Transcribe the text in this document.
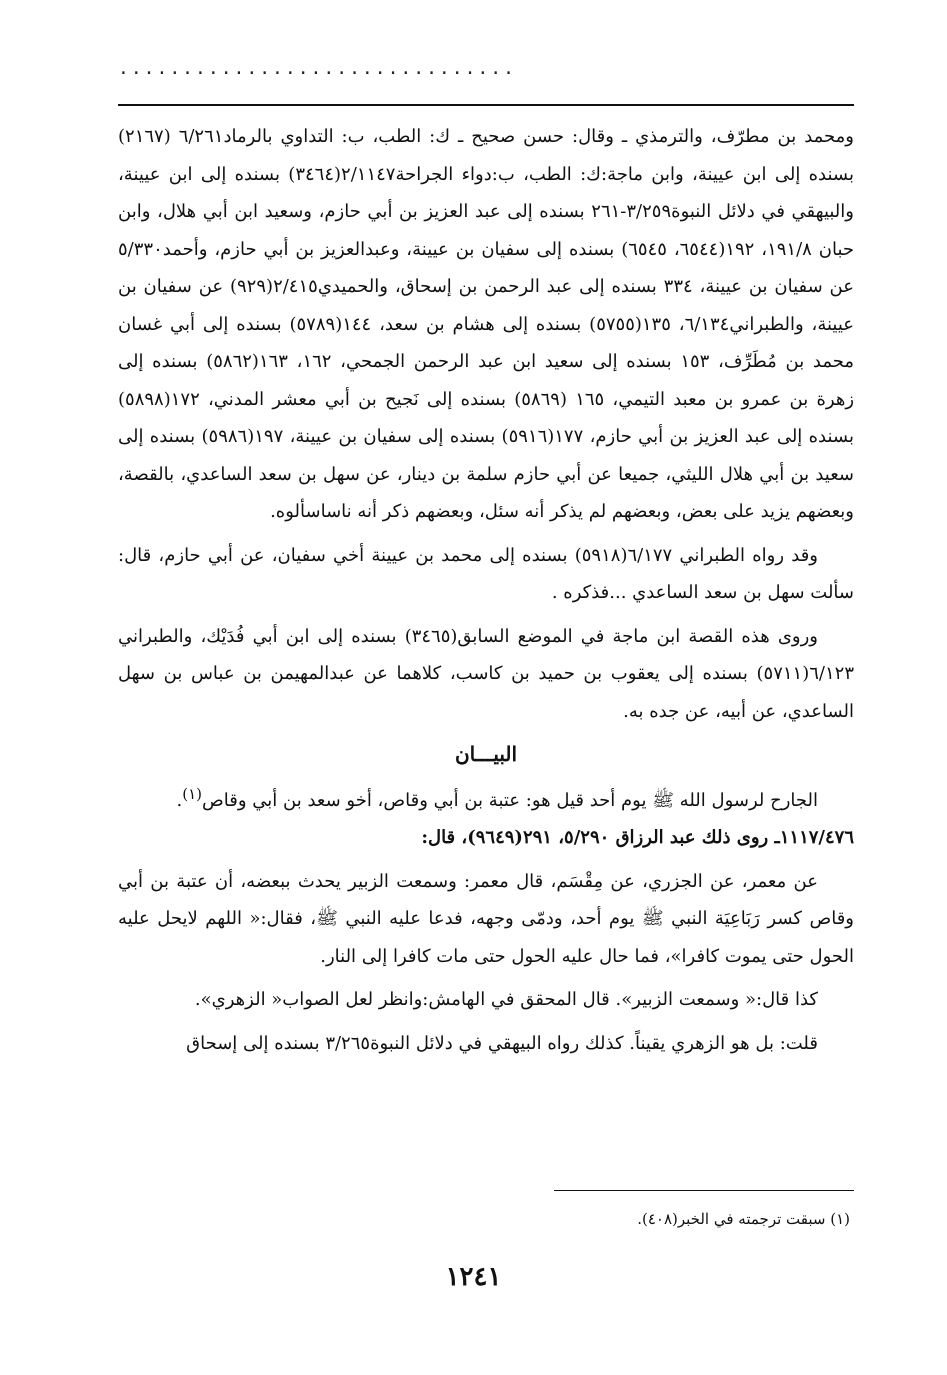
...............................

ومحمد بن مطرّف، والترمذي ـ وقال: حسن صحيح ـ ك: الطب، ب: التداوي بالرماد٦/٢٦١ (٢١٦٧) بسنده إلى ابن عيينة، وابن ماجة:ك: الطب، ب:دواء الجراحة٢/١١٤٧(٣٤٦٤) بسنده إلى ابن عيينة، والبيهقي في دلائل النبوة٣/٢٥٩-٢٦١ بسنده إلى عبد العزيز بن أبي حازم، وسعيد ابن أبي هلال، وابن حبان ١٩١/٨، ١٩٢(٦٥٤٤، ٦٥٤٥) بسنده إلى سفيان بن عيينة، وعبدالعزيز بن أبي حازم، وأحمد٥/٣٣٠ عن سفيان بن عيينة، ٣٣٤ بسنده إلى عبد الرحمن بن إسحاق، والحميدي٢/٤١٥(٩٢٩) عن سفيان بن عيينة، والطبراني٦/١٣٤، ١٣٥(٥٧٥٥) بسنده إلى هشام بن سعد، ١٤٤(٥٧٨٩) بسنده إلى أبي غسان محمد بن مُطَرِّف، ١٥٣ بسنده إلى سعيد ابن عبد الرحمن الجمحي، ١٦٢، ١٦٣(٥٨٦٢) بسنده إلى زهرة بن عمرو بن معبد التيمي، ١٦٥ (٥٨٦٩) بسنده إلى نَجيح بن أبي معشر المدني، ١٧٢(٥٨٩٨) بسنده إلى عبد العزيز بن أبي حازم، ١٧٧(٥٩١٦) بسنده إلى سفيان بن عيينة، ١٩٧(٥٩٨٦) بسنده إلى سعيد بن أبي هلال الليثي، جميعا عن أبي حازم سلمة بن دينار، عن سهل بن سعد الساعدي، بالقصة، وبعضهم يزيد على بعض، وبعضهم لم يذكر أنه سئل، وبعضهم ذكر أنه ناساسألوه.

وقد رواه الطبراني ٦/١٧٧(٥٩١٨) بسنده إلى محمد بن عيينة أخي سفيان، عن أبي حازم، قال: سألت سهل بن سعد الساعدي ...فذكره .

وروى هذه القصة ابن ماجة في الموضع السابق(٣٤٦٥) بسنده إلى ابن أبي فُدَيْك، والطبراني ٦/١٢٣(٥٧١١) بسنده إلى يعقوب بن حميد بن كاسب، كلاهما عن عبدالمهيمن بن عباس بن سهل الساعدي، عن أبيه، عن جده به.

البيـــان

الجارح لرسول الله ﷺ يوم أحد قيل هو: عتبة بن أبي وقاص، أخو سعد بن أبي وقاص$^{(١)}$.

١١١٧/٤٧٦ـ روى ذلك عبد الرزاق ٥/٢٩٠، ٢٩١(٩٦٤٩)، قال:

عن معمر، عن الجزري، عن مِقْسَم، قال معمر: وسمعت الزبير يحدث ببعضه، أن عتبة بن أبي وقاص كسر رَبَاعِيَة النبي ﷺ يوم أحد، ودمّى وجهه، فدعا عليه النبي ﷺ، فقال:« اللهم لايحل عليه الحول حتى يموت كافرا»، فما حال عليه الحول حتى مات كافرا إلى النار.

كذا قال:« وسمعت الزبير». قال المحقق في الهامش:وانظر لعل الصواب« الزهري».

قلت: بل هو الزهري يقيناً. كذلك رواه البيهقي في دلائل النبوة٣/٢٦٥ بسنده إلى إسحاق

(١) سبقت ترجمته في الخبر(٤٠٨).
١٢٤١
